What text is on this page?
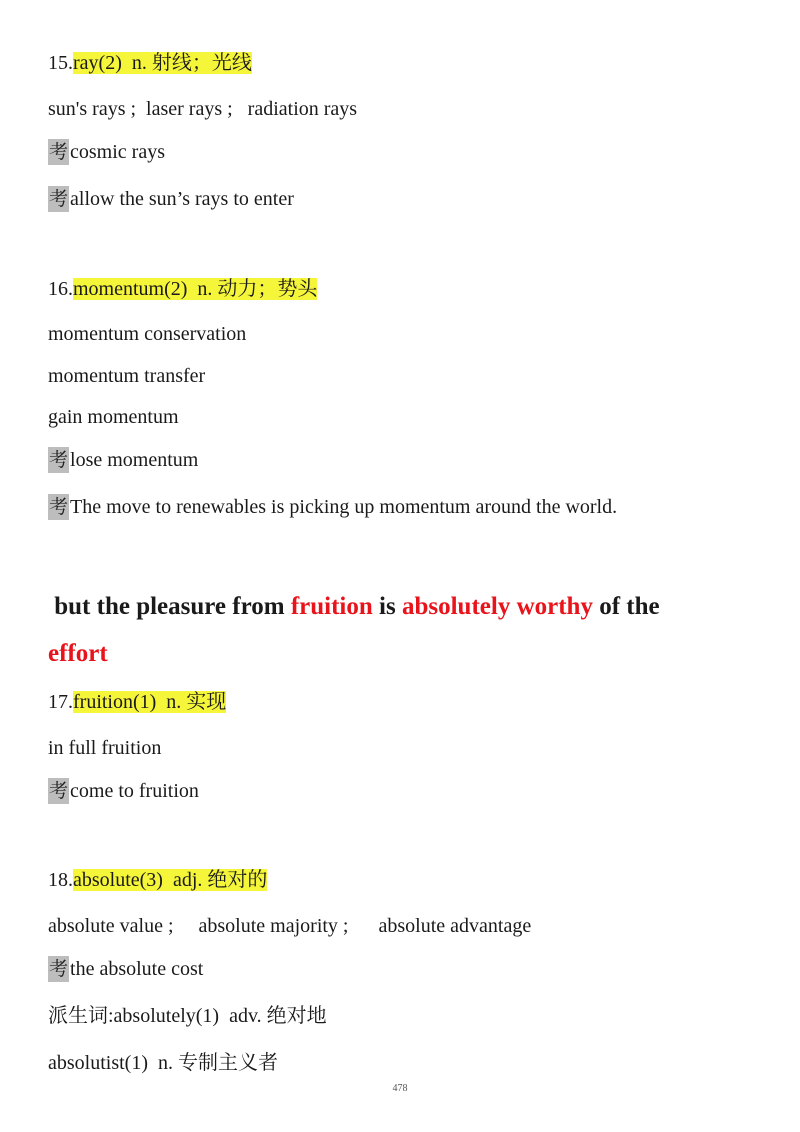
15.ray(2)  n. 射线；光线
sun's rays ;  laser rays ;   radiation rays
考 cosmic rays
考 allow the sun’s rays to enter
16.momentum(2)  n. 动力；势头
momentum conservation
momentum transfer
gain momentum
考 lose momentum
考 The move to renewables is picking up momentum around the world.
but the pleasure from fruition is absolutely worthy of the
effort
17.fruition(1)  n. 实现
in full fruition
考 come to fruition
18.absolute(3)  adj. 绝对的
absolute value ;     absolute majority ;      absolute advantage
考 the absolute cost
派生词:absolutely(1)  adv. 绝对地
absolutist(1)  n. 专制主义者
478
